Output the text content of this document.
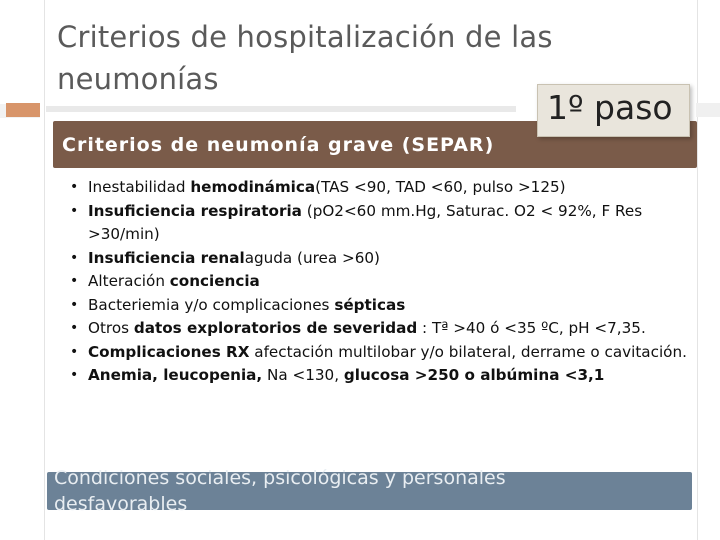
Criterios de hospitalización de las neumonías
Criterios de neumonía grave (SEPAR)
1º paso
• Inestabilidad hemodinámica(TAS <90, TAD <60, pulso >125)
• Insuficiencia respiratoria (pO2<60 mm.Hg, Saturac. O2 < 92%, F Res >30/min)
• Insuficiencia renalaguda (urea >60)
• Alteración conciencia
• Bacteriemia y/o complicaciones sépticas
• Otros datos exploratorios de severidad : Tª >40 ó <35 ºC, pH <7,35.
• Complicaciones RX afectación multilobar y/o bilateral, derrame o cavitación.
• Anemia, leucopenia, Na <130, glucosa >250 o albúmina <3,1
Condiciones sociales, psicológicas y personales desfavorables
